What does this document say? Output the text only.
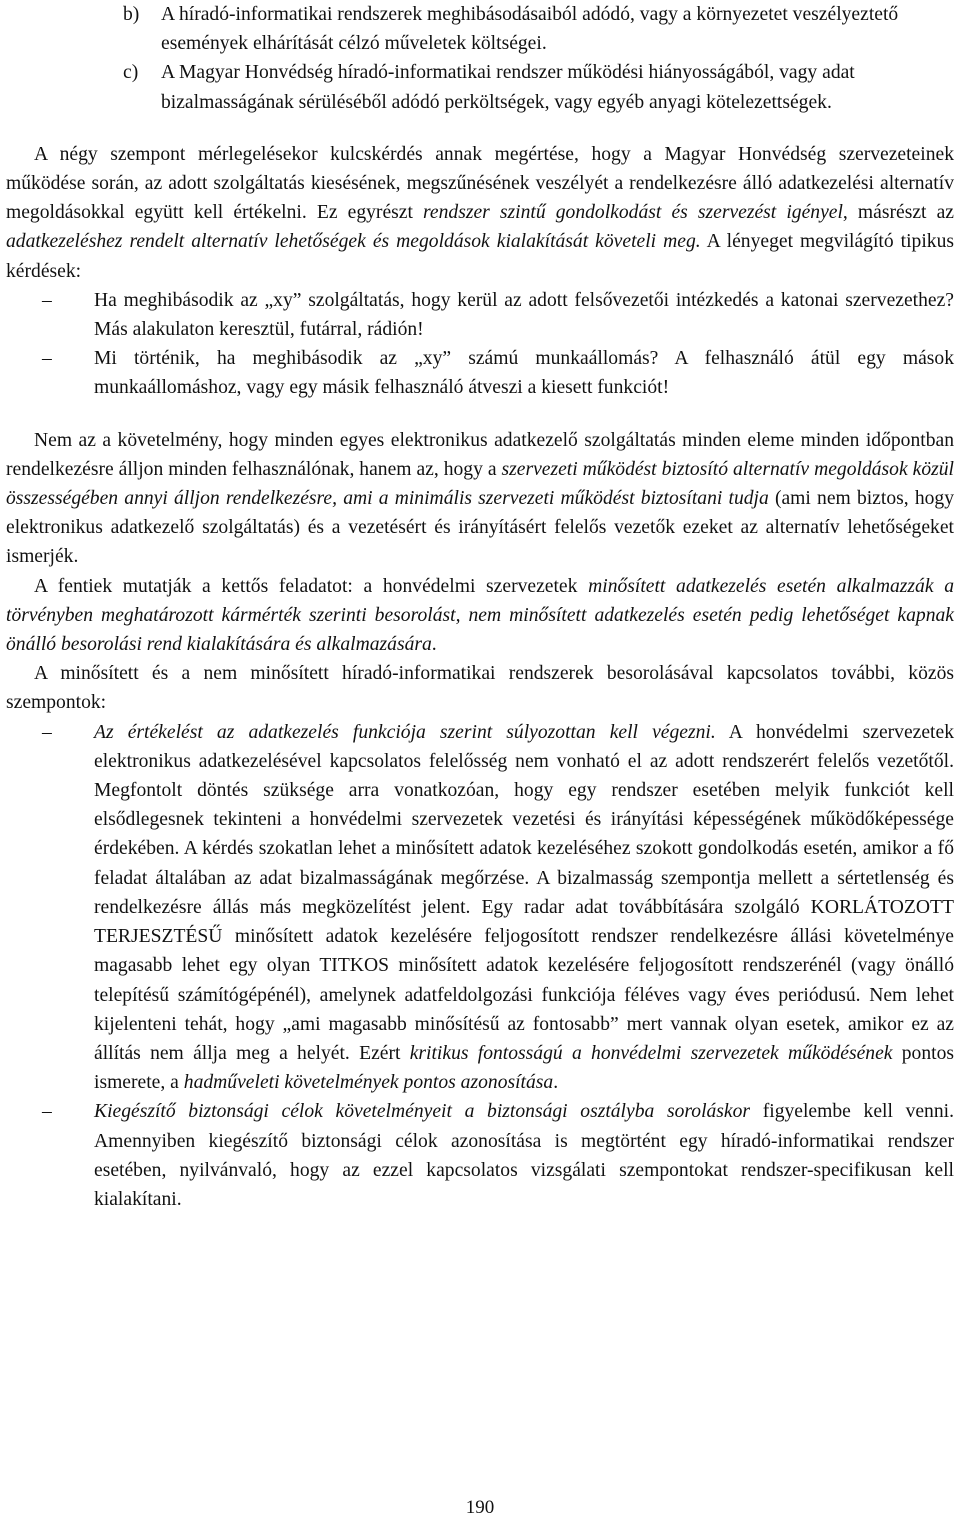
b) A híradó-informatikai rendszerek meghibásodásaiból adódó, vagy a környezetet veszélyeztető események elhárítását célzó műveletek költségei.

c) A Magyar Honvédség híradó-informatikai rendszer működési hiányosságából, vagy adat bizalmasságának sérüléséből adódó perköltségek, vagy egyéb anyagi kötelezettségek.

A négy szempont mérlegelésekor kulcskérdés annak megértése, hogy a Magyar Honvédség szervezeteinek működése során, az adott szolgáltatás kiesésének, megszűnésének veszélyét a rendelkezésre álló adatkezelési alternatív megoldásokkal együtt kell értékelni. Ez egyrészt rendszer szintű gondolkodást és szervezést igényel, másrészt az adatkezeléshez rendelt alternatív lehetőségek és megoldások kialakítását követeli meg. A lényeget megvilágító tipikus kérdések:

– Ha meghibásodik az „xy” szolgáltatás, hogy kerül az adott felsővezetői intézkedés a katonai szervezethez? Más alakulaton keresztül, futárral, rádión!

– Mi történik, ha meghibásodik az „xy” számú munkaállomás? A felhasználó átül egy mások munkaállomáshoz, vagy egy másik felhasználó átveszi a kiesett funkciót!

Nem az a követelmény, hogy minden egyes elektronikus adatkezelő szolgáltatás minden eleme minden időpontban rendelkezésre álljon minden felhasználónak, hanem az, hogy a szervezeti működést biztosító alternatív megoldások közül összességében annyi álljon rendelkezésre, ami a minimális szervezeti működést biztosítani tudja (ami nem biztos, hogy elektronikus adatkezelő szolgáltatás) és a vezetésért és irányításért felelős vezetők ezeket az alternatív lehetőségeket ismerjék.

A fentiek mutatják a kettős feladatot: a honvédelmi szervezetek minősített adatkezelés esetén alkalmazzák a törvényben meghatározott kármérték szerinti besorolást, nem minősített adatkezelés esetén pedig lehetőséget kapnak önálló besorolási rend kialakítására és alkalmazására.

A minősített és a nem minősített híradó-informatikai rendszerek besorolásával kapcsolatos további, közös szempontok:

– Az értékelést az adatkezelés funkciója szerint súlyozottan kell végezni. A honvédelmi szervezetek elektronikus adatkezelésével kapcsolatos felelősség nem vonható el az adott rendszerért felelős vezetőtől. Megfontolt döntés szüksége arra vonatkozóan, hogy egy rendszer esetében melyik funkciót kell elsődlegesnek tekinteni a honvédelmi szervezetek vezetési és irányítási képességének működőképessége érdekében. A kérdés szokatlan lehet a minősített adatok kezeléséhez szokott gondolkodás esetén, amikor a fő feladat általában az adat bizalmasságának megőrzése. A bizalmasság szempontja mellett a sértetlenség és rendelkezésre állás más megközelítést jelent. Egy radar adat továbbítására szolgáló KORLÁTOZOTT TERJESZTÉSŰ minősített adatok kezelésére feljogosított rendszer rendelkezésre állási követelménye magasabb lehet egy olyan TITKOS minősített adatok kezelésére feljogosított rendszerénél (vagy önálló telepítésű számítógépénél), amelynek adatfeldolgozási funkciója féléves vagy éves periódusú. Nem lehet kijelenteni tehát, hogy „ami magasabb minősítésű az fontosabb” mert vannak olyan esetek, amikor ez az állítás nem állja meg a helyét. Ezért kritikus fontosságú a honvédelmi szervezetek működésének pontos ismerete, a hadműveleti követelmények pontos azonosítása.

– Kiegészítő biztonsági célok követelményeit a biztonsági osztályba soroláskor figyelembe kell venni. Amennyiben kiegészítő biztonsági célok azonosítása is megtörtént egy híradó-informatikai rendszer esetében, nyilvánvaló, hogy az ezzel kapcsolatos vizsgálati szempontokat rendszer-specifikusan kell kialakítani.

190
